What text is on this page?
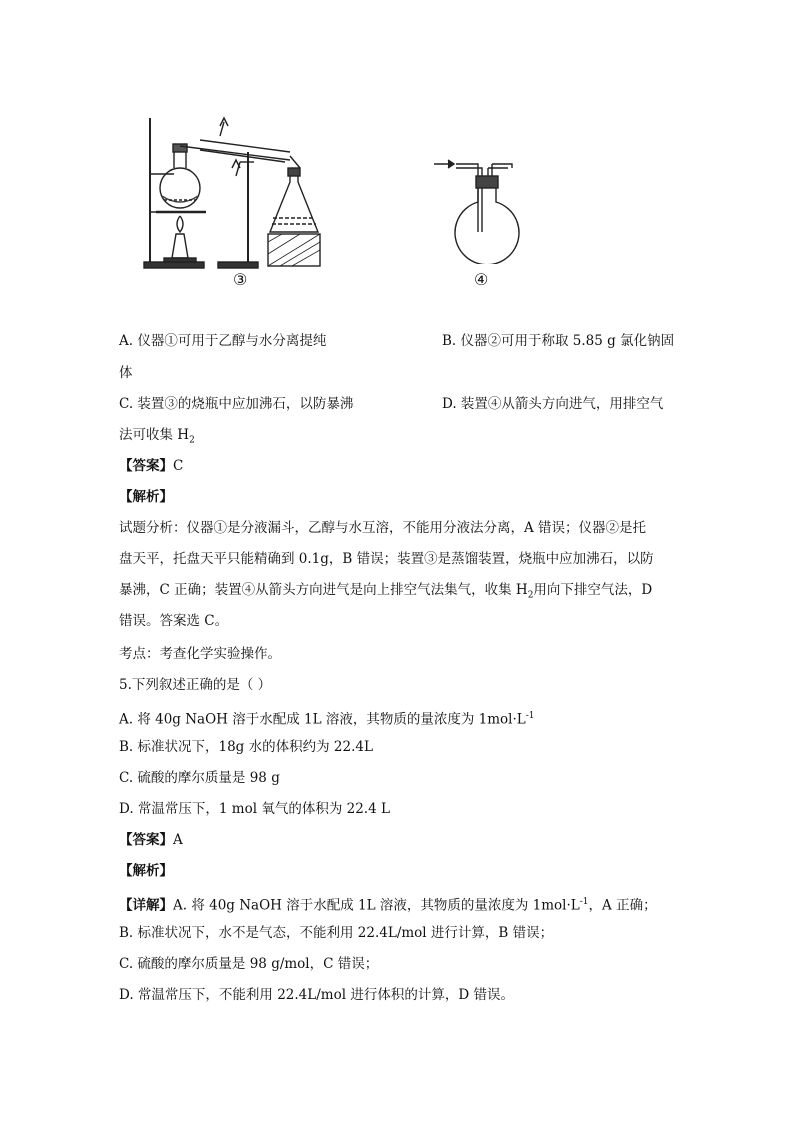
③	④
A. 仪器①可用于乙醇与水分离提纯	B. 仪器②可用于称取 5.85 g 氯化钠固
体
C. 装置③的烧瓶中应加沸石，以防暴沸	D. 装置④从箭头方向进气，用排空气
法可收集 $H_2$
【答案】C
【解析】
试题分析：仪器①是分液漏斗，乙醇与水互溶，不能用分液法分离，A 错误；仪器②是托
盘天平，托盘天平只能精确到 0.1g，B 错误；装置③是蒸馏装置，烧瓶中应加沸石，以防
暴沸，C 正确；装置④从箭头方向进气是向上排空气法集气，收集 $H_2$用向下排空气法，D
错误。答案选 C。
考点：考查化学实验操作。
5.下列叙述正确的是（ ）
A. 将 40g NaOH 溶于水配成 1L 溶液，其物质的量浓度为 $1mol\cdot L^{-1}$
B. 标准状况下，18g 水的体积约为 22.4L
C. 硫酸的摩尔质量是 98 g
D. 常温常压下，1 mol 氧气的体积为 22.4 L
【答案】A
【解析】
【详解】A. 将 40g NaOH 溶于水配成 1L 溶液，其物质的量浓度为 $1mol\cdot L^{-1}$，A 正确；
B. 标准状况下，水不是气态，不能利用 22.4L/mol 进行计算，B 错误；
C. 硫酸的摩尔质量是 98 g/mol，C 错误；
D. 常温常压下，不能利用 22.4L/mol 进行体积的计算，D 错误。
